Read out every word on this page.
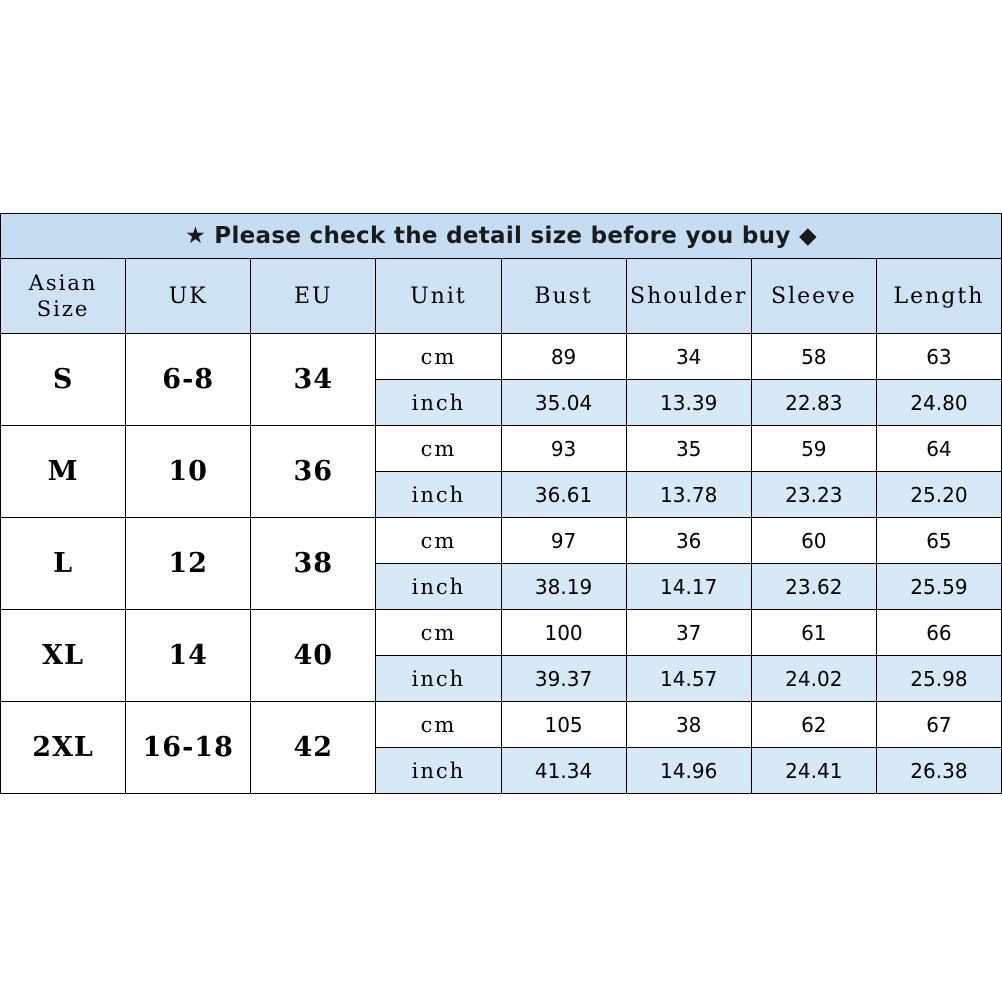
★ Please check the detail size before you buy ◆							
Asian Size	UK	EU	Unit	Bust	Shoulder	Sleeve	Length
S	6-8	34	cm	89	34	58	63
			inch	35.04	13.39	22.83	24.80
M	10	36	cm	93	35	59	64
			inch	36.61	13.78	23.23	25.20
L	12	38	cm	97	36	60	65
			inch	38.19	14.17	23.62	25.59
XL	14	40	cm	100	37	61	66
			inch	39.37	14.57	24.02	25.98
2XL	16-18	42	cm	105	38	62	67
			inch	41.34	14.96	24.41	26.38
